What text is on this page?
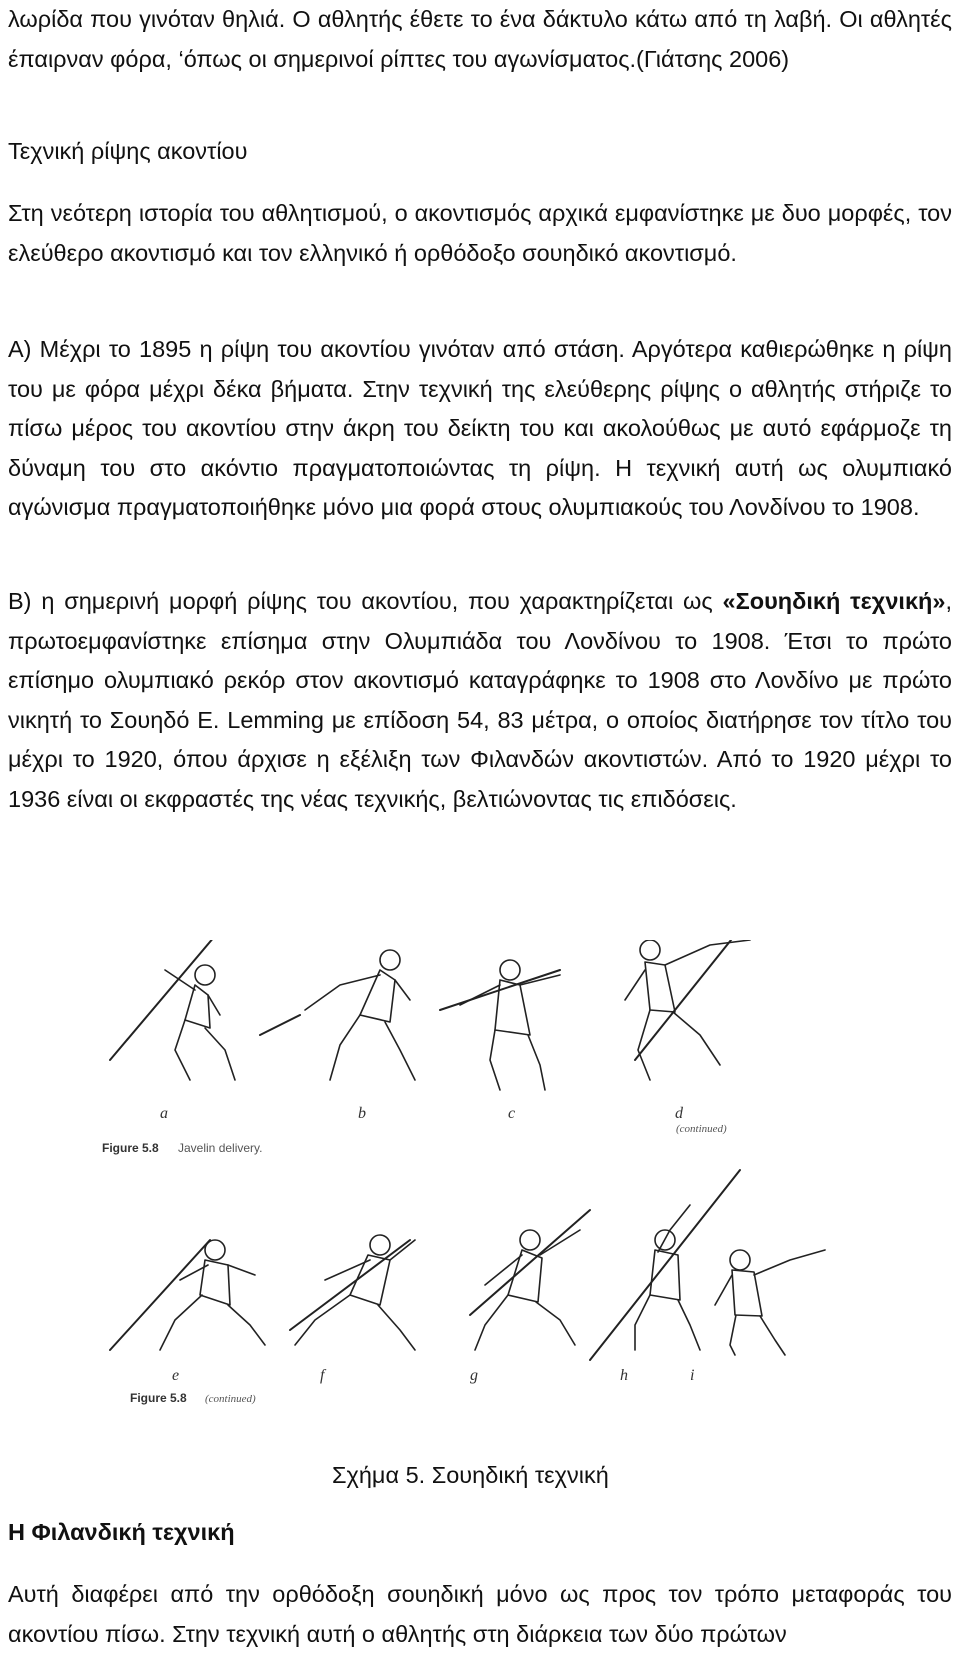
λωρίδα που γινόταν θηλιά. Ο αθλητής έθετε το ένα δάκτυλο κάτω από τη λαβή. Οι αθλητές έπαιρναν φόρα, ‘όπως οι σημερινοί ρίπτες του αγωνίσματος.(Γιάτσης 2006)

Τεχνική ρίψης ακοντίου

Στη νεότερη ιστορία του αθλητισμού, ο ακοντισμός αρχικά εμφανίστηκε με δυο μορφές, τον ελεύθερο ακοντισμό και τον ελληνικό ή ορθόδοξο σουηδικό ακοντισμό.

Α) Μέχρι το 1895 η ρίψη του ακοντίου γινόταν από στάση. Αργότερα καθιερώθηκε η ρίψη του με φόρα μέχρι δέκα βήματα. Στην τεχνική της ελεύθερης ρίψης ο αθλητής στήριζε το πίσω μέρος του ακοντίου στην άκρη του δείκτη του και ακολούθως με αυτό εφάρμοζε τη δύναμη του στο ακόντιο πραγματοποιώντας τη ρίψη. Η τεχνική αυτή ως ολυμπιακό αγώνισμα πραγματοποιήθηκε μόνο μια φορά στους ολυμπιακούς του Λονδίνου το 1908.

Β) η σημερινή μορφή ρίψης του ακοντίου, που χαρακτηρίζεται ως «Σουηδική τεχνική», πρωτοεμφανίστηκε επίσημα στην Ολυμπιάδα του Λονδίνου το 1908. Έτσι το πρώτο επίσημο ολυμπιακό ρεκόρ στον ακοντισμό καταγράφηκε το 1908 στο Λονδίνο με πρώτο νικητή το Σουηδό Ε. Lemming με επίδοση 54, 83 μέτρα, ο οποίος διατήρησε τον τίτλο του μέχρι το 1920, όπου άρχισε η εξέλιξη των Φιλανδών ακοντιστών. Από το 1920 μέχρι το 1936 είναι οι εκφραστές της νέας τεχνικής, βελτιώνοντας τις επιδόσεις.

a	b	c	d
e	f	g	h	i
(continued)
Figure 5.8 Javelin delivery.
Figure 5.8 (continued)
Σχήμα 5. Σουηδική τεχνική

Η Φιλανδική τεχνική

Αυτή διαφέρει από την ορθόδοξη σουηδική μόνο ως προς τον τρόπο μεταφοράς του ακοντίου πίσω. Στην τεχνική αυτή ο αθλητής στη διάρκεια των δύο πρώτων
